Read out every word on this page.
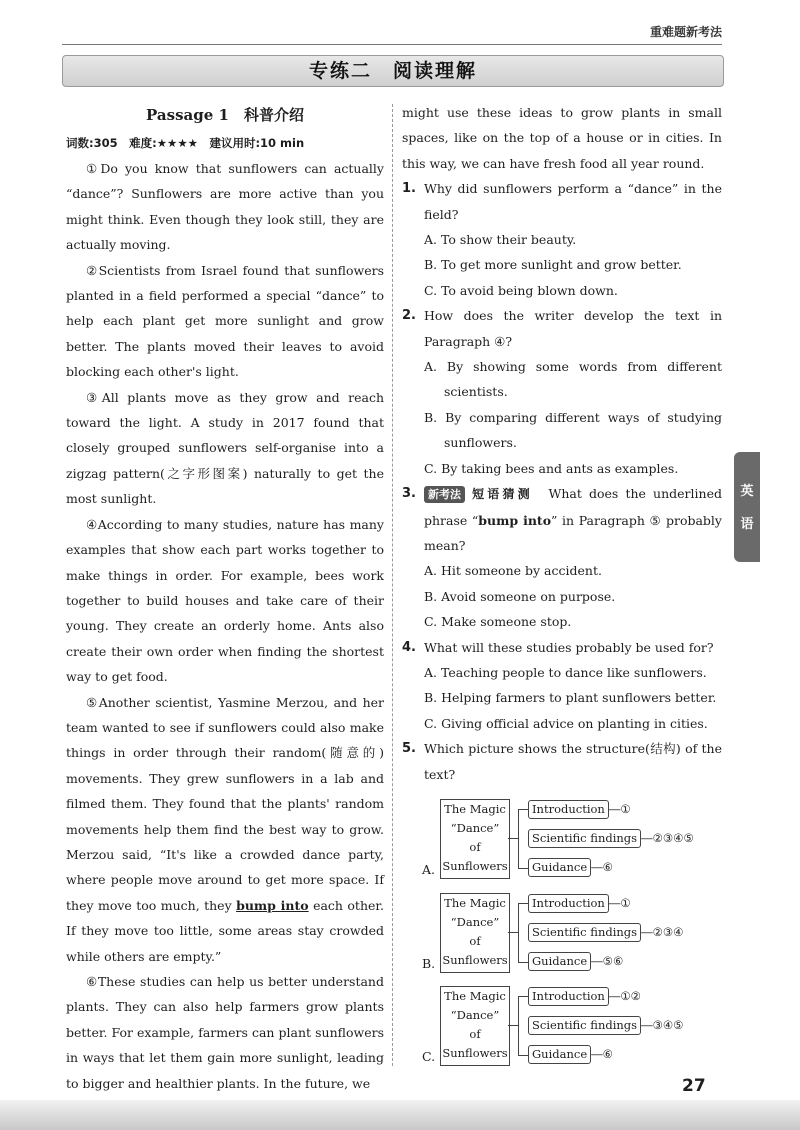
重难题新考法
专练二　阅读理解

Passage 1　科普介绍

词数:305　难度:★★★★　建议用时:10 min

①Do you know that sunflowers can actually “dance”? Sunflowers are more active than you might think. Even though they look still, they are actually moving.

②Scientists from Israel found that sunflowers planted in a field performed a special “dance” to help each plant get more sunlight and grow better. The plants moved their leaves to avoid blocking each other's light.

③All plants move as they grow and reach toward the light. A study in 2017 found that closely grouped sunflowers self-organise into a zigzag pattern(之字形图案) naturally to get the most sunlight.

④According to many studies, nature has many examples that show each part works together to make things in order. For example, bees work together to build houses and take care of their young. They create an orderly home. Ants also create their own order when finding the shortest way to get food.

⑤Another scientist, Yasmine Merzou, and her team wanted to see if sunflowers could also make things in order through their random(随意的) movements. They grew sunflowers in a lab and filmed them. They found that the plants' random movements help them find the best way to grow. Merzou said, “It's like a crowded dance party, where people move around to get more space. If they move too much, they bump into each other. If they move too little, some areas stay crowded while others are empty.”

⑥These studies can help us better understand plants. They can also help farmers grow plants better. For example, farmers can plant sunflowers in ways that let them gain more sunlight, leading to bigger and healthier plants. In the future, we

might use these ideas to grow plants in small spaces, like on the top of a house or in cities. In this way, we can have fresh food all year round.

1. Why did sunflowers perform a “dance” in the field?

A. To show their beauty.

B. To get more sunlight and grow better.

C. To avoid being blown down.

2. How does the writer develop the text in Paragraph ④?

A. By showing some words from different scientists.

B. By comparing different ways of studying sunflowers.

C. By taking bees and ants as examples.

3.	新考法 短语猜测　 What does the underlined phrase “bump into” in Paragraph ⑤ probably mean?

A. Hit someone by accident.

B. Avoid someone on purpose.

C. Make someone stop.

4. What will these studies probably be used for?

A. Teaching people to dance like sunflowers.

B. Helping farmers to plant sunflowers better.

C. Giving official advice on planting in cities.

5. Which picture shows the structure(结构) of the text?

A.
The Magic
“Dance”
of
Sunflowers
Introduction ―①
Scientific findings ―②③④⑤
Guidance ―⑥
B.
The Magic
“Dance”
of
Sunflowers
Introduction ―①
Scientific findings ―②③④
Guidance ―⑤⑥
C.
The Magic
“Dance”
of
Sunflowers
Introduction ―①②
Scientific findings ―③④⑤
Guidance ―⑥
英
语
27
